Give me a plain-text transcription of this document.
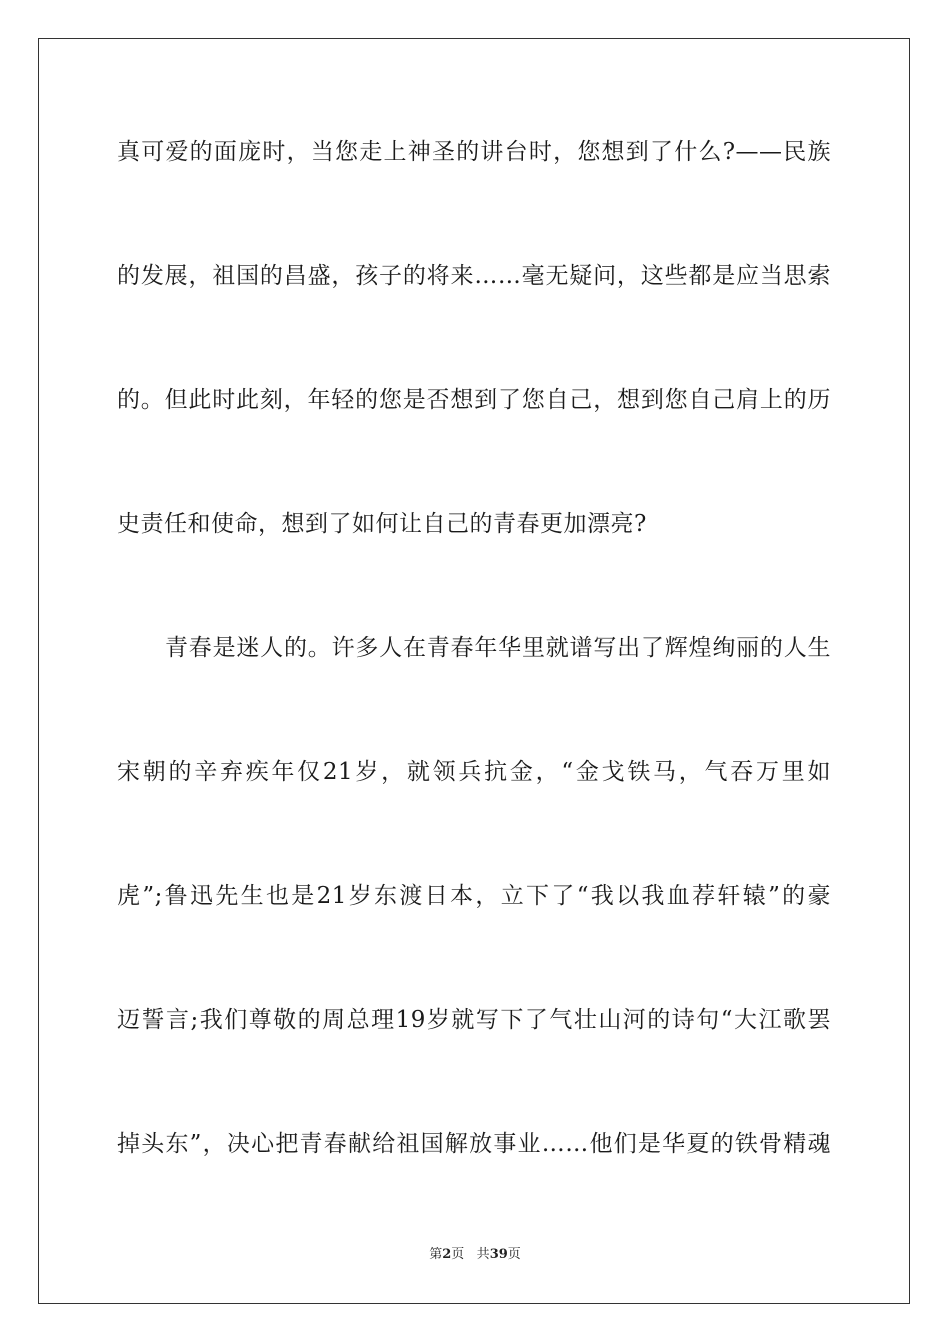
真可爱的面庞时，当您走上神圣的讲台时，您想到了什么?——民族
的发展，祖国的昌盛，孩子的将来……毫无疑问，这些都是应当思索
的。但此时此刻，年轻的您是否想到了您自己，想到您自己肩上的历
史责任和使命，想到了如何让自己的青春更加漂亮?
青春是迷人的。许多人在青春年华里就谱写出了辉煌绚丽的人生
宋朝的辛弃疾年仅21岁，就领兵抗金，“金戈铁马，气吞万里如
虎”;鲁迅先生也是21岁东渡日本，立下了“我以我血荐轩辕”的豪
迈誓言;我们尊敬的周总理19岁就写下了气壮山河的诗句“大江歌罢
掉头东”，决心把青春献给祖国解放事业……他们是华夏的铁骨精魂
第2页 共39页
